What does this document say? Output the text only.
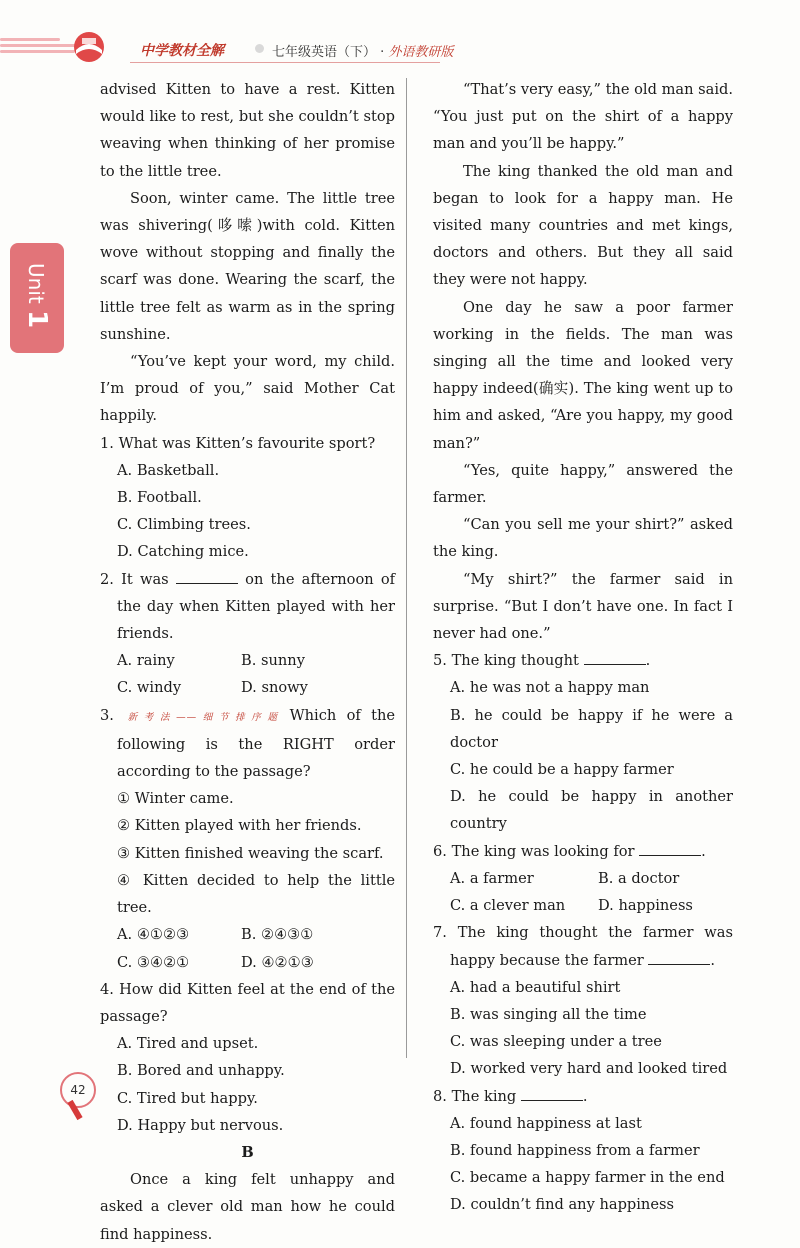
中学教材全解	七年级英语（下） · 外语教研版
Unit 1

advised Kitten to have a rest. Kitten would like to rest, but she couldn’t stop weaving when thinking of her promise to the little tree.

Soon, winter came. The little tree was shivering(哆嗦)with cold. Kitten wove without stopping and finally the scarf was done. Wearing the scarf, the little tree felt as warm as in the spring sunshine.

“You’ve kept your word, my child. I’m proud of you,” said Mother Cat happily.

1. What was Kitten’s favourite sport?

A. Basketball.

B. Football.

C. Climbing trees.

D. Catching mice.

2. It was	on the afternoon of the day when Kitten played with her friends.

A. rainy	B. sunny
C. windy	D. snowy

3. 新考法——细节排序题 Which of the following is the RIGHT order according to the passage?

① Winter came.

② Kitten played with her friends.

③ Kitten finished weaving the scarf.

④ Kitten decided to help the little tree.

A. ④①②③	B. ②④③①
C. ③④②①	D. ④②①③

4. How did Kitten feel at the end of the passage?

A. Tired and upset.

B. Bored and unhappy.

C. Tired but happy.

D. Happy but nervous.

B

Once a king felt unhappy and asked a clever old man how he could find happiness.

“That’s very easy,” the old man said. “You just put on the shirt of a happy man and you’ll be happy.”

The king thanked the old man and began to look for a happy man. He visited many countries and met kings, doctors and others. But they all said they were not happy.

One day he saw a poor farmer working in the fields. The man was singing all the time and looked very happy indeed(确实). The king went up to him and asked, “Are you happy, my good man?”

“Yes, quite happy,” answered the farmer.

“Can you sell me your shirt?” asked the king.

“My shirt?” the farmer said in surprise. “But I don’t have one. In fact I never had one.”

5. The king thought	.

A. he was not a happy man

B. he could be happy if he were a doctor

C. he could be a happy farmer

D. he could be happy in another country

6. The king was looking for	.

A. a farmer	B. a doctor
C. a clever man	D. happiness

7. The king thought the farmer was happy because the farmer	.

A. had a beautiful shirt

B. was singing all the time

C. was sleeping under a tree

D. worked very hard and looked tired

8. The king	.

A. found happiness at last

B. found happiness from a farmer

C. became a happy farmer in the end

D. couldn’t find any happiness

42
